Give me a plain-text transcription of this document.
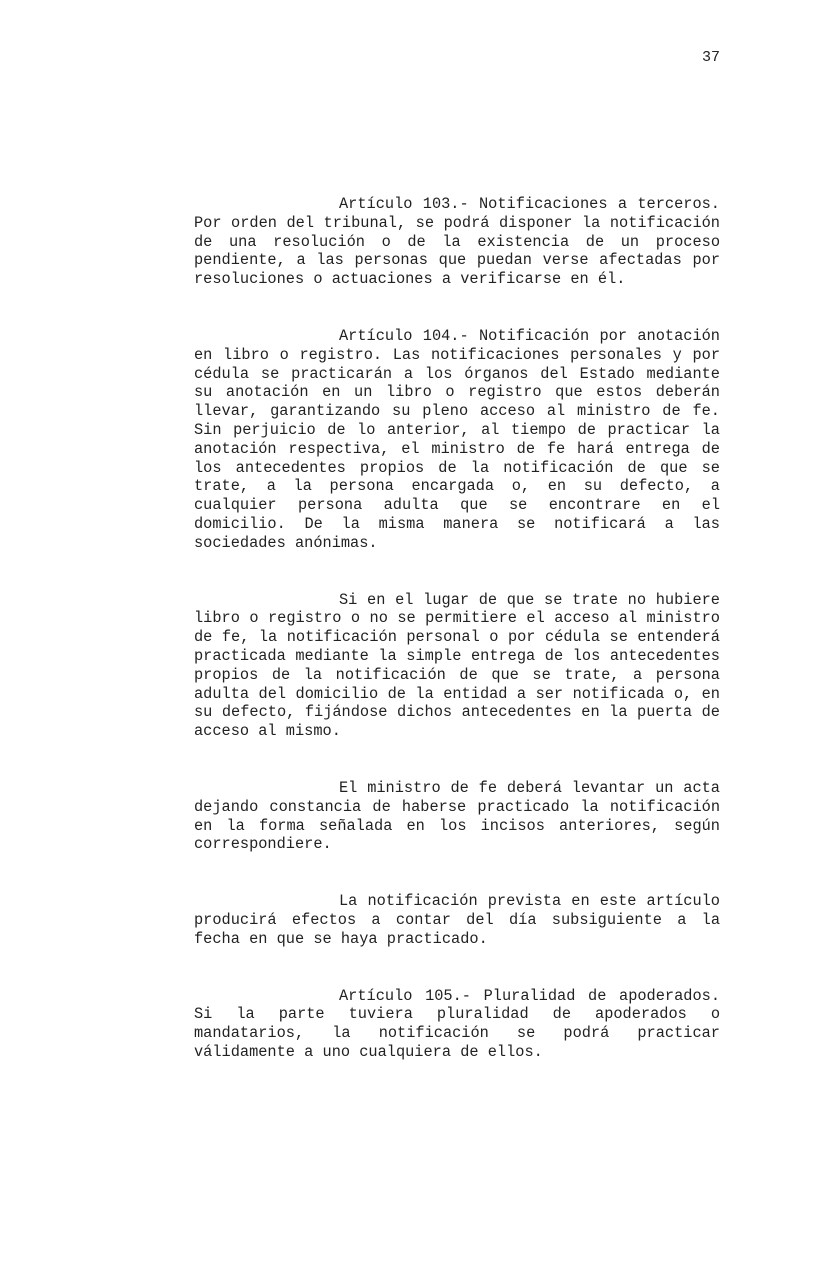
37

Artículo 103.- Notificaciones a terceros. Por orden del tribunal, se podrá disponer la notificación de una resolución o de la existencia de un proceso pendiente, a las personas que puedan verse afectadas por resoluciones o actuaciones a verificarse en él.

Artículo 104.- Notificación por anotación en libro o registro. Las notificaciones personales y por cédula se practicarán a los órganos del Estado mediante su anotación en un libro o registro que estos deberán llevar, garantizando su pleno acceso al ministro de fe. Sin perjuicio de lo anterior, al tiempo de practicar la anotación respectiva, el ministro de fe hará entrega de los antecedentes propios de la notificación de que se trate, a la persona encargada o, en su defecto, a cualquier persona adulta que se encontrare en el domicilio. De la misma manera se notificará a las sociedades anónimas.

Si en el lugar de que se trate no hubiere libro o registro o no se permitiere el acceso al ministro de fe, la notificación personal o por cédula se entenderá practicada mediante la simple entrega de los antecedentes propios de la notificación de que se trate, a persona adulta del domicilio de la entidad a ser notificada o, en su defecto, fijándose dichos antecedentes en la puerta de acceso al mismo.

El ministro de fe deberá levantar un acta dejando constancia de haberse practicado la notificación en la forma señalada en los incisos anteriores, según correspondiere.

La notificación prevista en este artículo producirá efectos a contar del día subsiguiente a la fecha en que se haya practicado.

Artículo 105.- Pluralidad de apoderados. Si la parte tuviera pluralidad de apoderados o mandatarios, la notificación se podrá practicar válidamente a uno cualquiera de ellos.
